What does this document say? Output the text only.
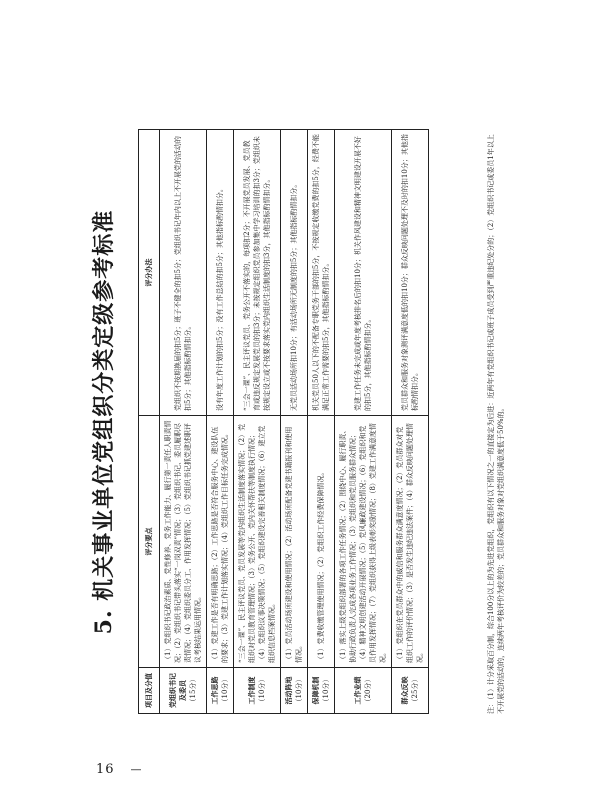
5. 机关事业单位党组织分类定级参考标准
项目及分值	评分要点	评分办法
党组织书记及委员 （15分）	（1）党组织书记政治素质、党性修养、党务工作能力、履行第一责任人职责情况；（2）党组织书记带头落实“一岗双责”情况；（3）党组织书记、委员履职尽责情况；（4）党组织委员分工、作用发挥情况；（5）党组织书记抓党建述职评议考核结果运用情况。	党组织不按期换届的扣5分；班子不健全的扣5分；党组织书记年内以上不开展党的活动的扣5分；其他指标酌情扣分。
工作思路 （10分）	（1）党建工作是否有明确思路；（2）工作思路是否符合服务中心、建设队伍的要求；（3）党建工作计划落实情况；（4）党组织工作目标任务完成情况。	没有年度工作计划的扣5分；没有工作总结的扣5分；其他指标酌情扣分。
工作制度 （10分）	“三会一课”、民主评议党员、党员发展等党内组织生活制度落实情况；（2）党组织对党员教育管理情况；（3）党务公开、党内关怀帮扶等制度执行情况；（4）党组织议事决策情况；（5）党组织建设完善相关制度情况；（6）建立党组织信息档案情况。	“三会一课”、民主评议党员、党务公开不落实的，每项扣2分；不开展党员发展、党员教育或违反规定发展党员的扣3分；未按规定组织党员参加集中学习培训的扣3分；党组织未按规定设立或不按要求落实党内组织生活制度的扣3分，其他指标酌情扣分。
活动阵地 （10分）	（1）党员活动场所建设和使用情况；（2）活动场所配备党建书籍报刊和使用情况。	无党员活动场所扣10分；有活动场所无制度的扣5分；其他指标酌情扣分。
保障机制 （10分）	（1）党费收缴管理使用情况；（2）党组织工作经费保障情况。	机关党员50人以下的不配备专职党务干部的扣5分，不按规定收缴党费的扣5分，经费不能满足正常工作需要的扣5分，其他指标酌情扣分。
工作业绩 （20分）	（1）落实上级党组织部署的各项工作任务情况；（2）围绕中心、履行职责、协助行政负责人完成各项业务工作情况；（3）党组织和党员服务群众情况；（4）精神文明创建活动开展情况；（5）党风廉政建设情况；（6）党组织和党员作用发挥情况；（7）党组织获得上级表彰奖励情况；（8）党建工作满意度情况。	党建工作任务未完成或年度考核排名后的扣10分；机关作风建设和精神文明建设开展不好的扣5分，其他指标酌情扣分。
群众反映 （25分）	（1）党组织在党员群众中的威信和服务群众满意度情况；（2）党员群众对党组织工作的评价情况；（3）是否发生违纪违法案件；（4）群众反映问题处理情况。	党员群众和服务对象测评满意度低的扣10分；群众反映问题处理不及时的扣10分；其他指标酌情扣分。	注：（1）计分采取百分制，综合100分以上的为先进党组织，党组织有以下情况之一的直接定为后进：近两年有党组织书记或班子成员受到严重违纪处分的；（2）党组织书记或委员1年以上不开展党的活动的，连续两年考核评价为较差的；党员群众和服务对象对党组织满意度低于50%的。
16 —
